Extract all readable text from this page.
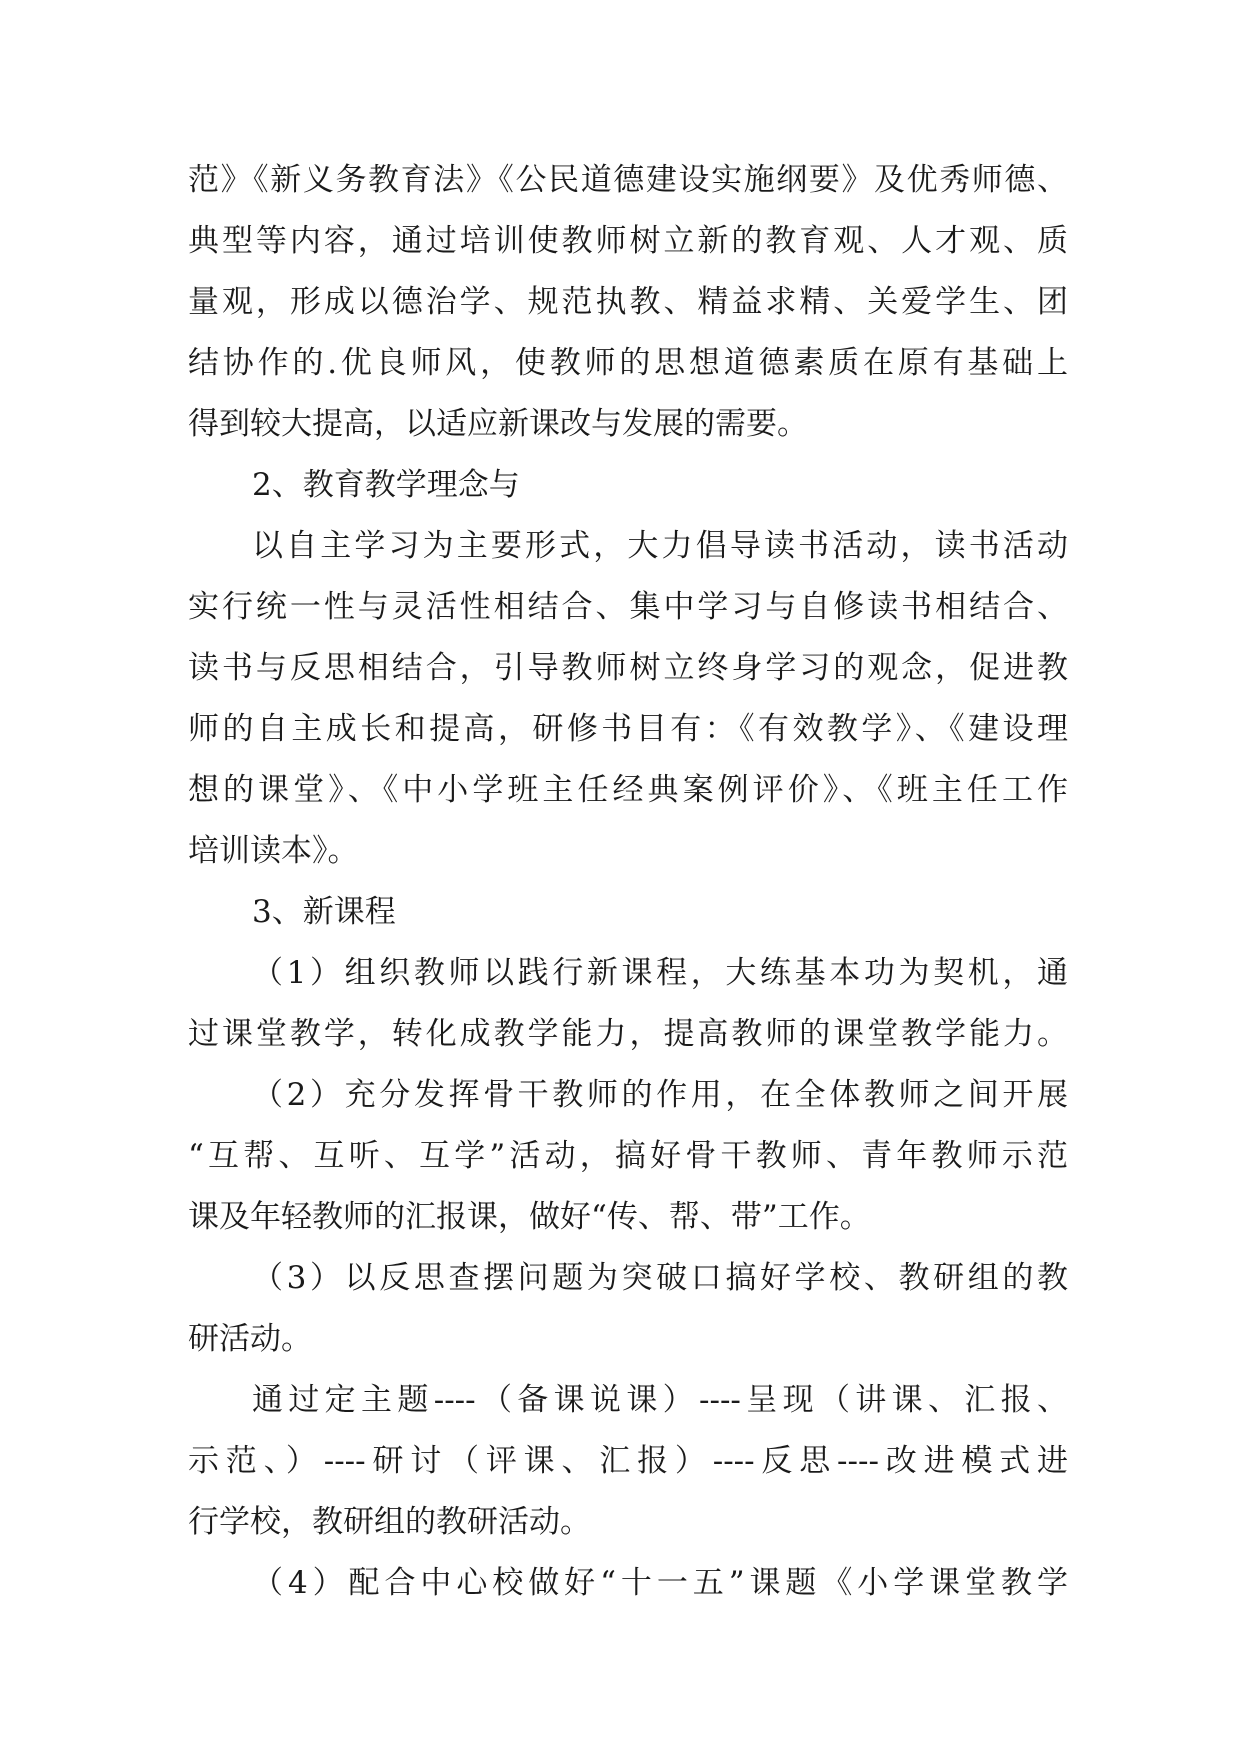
范》《新义务教育法》《公民道德建设实施纲要》及优秀师德、
典型等内容，通过培训使教师树立新的教育观、人才观、质
量观，形成以德治学、规范执教、精益求精、关爱学生、团
结协作的.优良师风，使教师的思想道德素质在原有基础上
得到较大提高，以适应新课改与发展的需要。
2、教育教学理念与
以自主学习为主要形式，大力倡导读书活动，读书活动
实行统一性与灵活性相结合、集中学习与自修读书相结合、
读书与反思相结合，引导教师树立终身学习的观念，促进教
师的自主成长和提高，研修书目有：《有效教学》、《建设理
想的课堂》、《中小学班主任经典案例评价》、《班主任工作
培训读本》。
3、新课程
（1）组织教师以践行新课程，大练基本功为契机，通
过课堂教学，转化成教学能力，提高教师的课堂教学能力。
（2）充分发挥骨干教师的作用，在全体教师之间开展
“互帮、互听、互学”活动，搞好骨干教师、青年教师示范
课及年轻教师的汇报课，做好“传、帮、带”工作。
（3）以反思查摆问题为突破口搞好学校、教研组的教
研活动。
通过定主题----（备课说课）----呈现（讲课、汇报、
示范、）----研讨（评课、汇报）----反思----改进模式进
行学校，教研组的教研活动。
（4）配合中心校做好“十一五”课题《小学课堂教学
